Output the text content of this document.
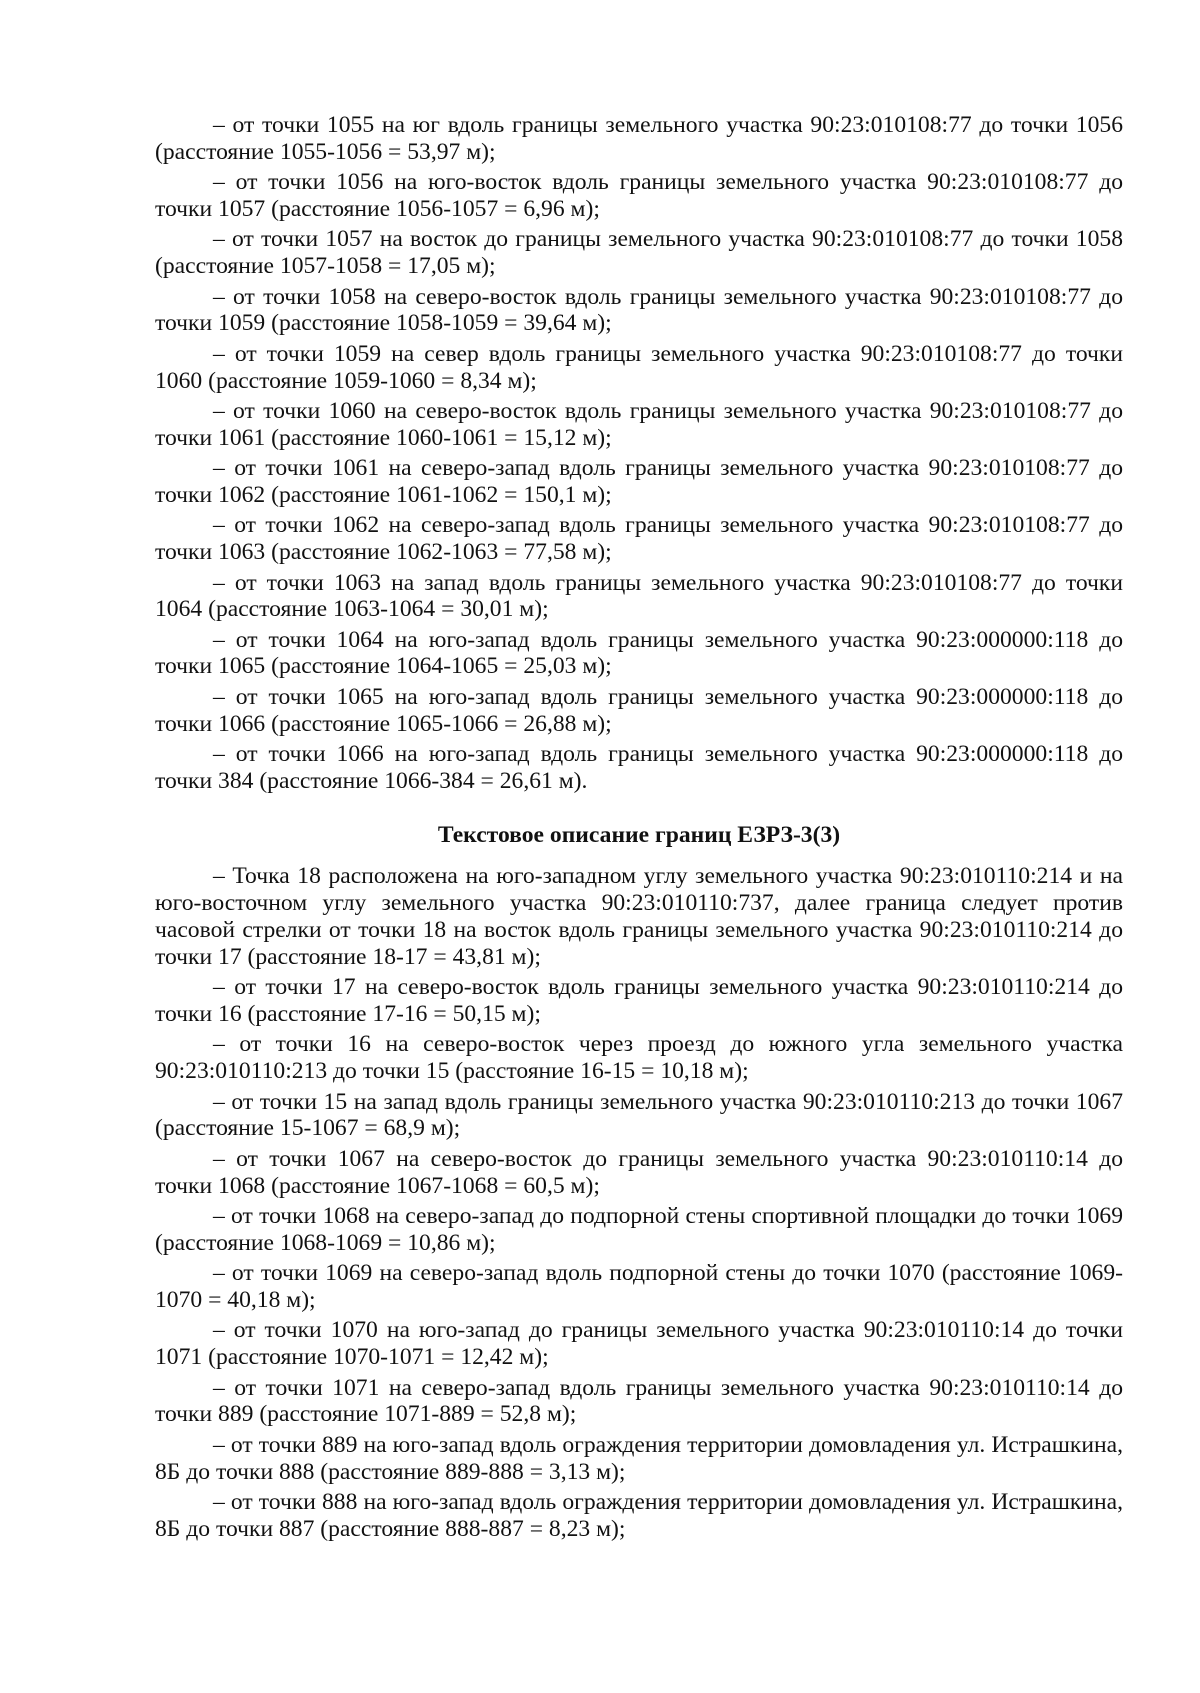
– от точки 1055 на юг вдоль границы земельного участка 90:23:010108:77 до точки 1056 (расстояние 1055-1056 = 53,97 м);

– от точки 1056 на юго-восток вдоль границы земельного участка 90:23:010108:77 до точки 1057 (расстояние 1056-1057 = 6,96 м);

– от точки 1057 на восток до границы земельного участка 90:23:010108:77 до точки 1058 (расстояние 1057-1058 = 17,05 м);

– от точки 1058 на северо-восток вдоль границы земельного участка 90:23:010108:77 до точки 1059 (расстояние 1058-1059 = 39,64 м);

– от точки 1059 на север вдоль границы земельного участка 90:23:010108:77 до точки 1060 (расстояние 1059-1060 = 8,34 м);

– от точки 1060 на северо-восток вдоль границы земельного участка 90:23:010108:77 до точки 1061 (расстояние 1060-1061 = 15,12 м);

– от точки 1061 на северо-запад вдоль границы земельного участка 90:23:010108:77 до точки 1062 (расстояние 1061-1062 = 150,1 м);

– от точки 1062 на северо-запад вдоль границы земельного участка 90:23:010108:77 до точки 1063 (расстояние 1062-1063 = 77,58 м);

– от точки 1063 на запад вдоль границы земельного участка 90:23:010108:77 до точки 1064 (расстояние 1063-1064 = 30,01 м);

– от точки 1064 на юго-запад вдоль границы земельного участка 90:23:000000:118 до точки 1065 (расстояние 1064-1065 = 25,03 м);

– от точки 1065 на юго-запад вдоль границы земельного участка 90:23:000000:118 до точки 1066 (расстояние 1065-1066 = 26,88 м);

– от точки 1066 на юго-запад вдоль границы земельного участка 90:23:000000:118 до точки 384 (расстояние 1066-384 = 26,61 м).

Текстовое описание границ ЕЗРЗ-3(3)

– Точка 18 расположена на юго-западном углу земельного участка 90:23:010110:214 и на юго-восточном углу земельного участка 90:23:010110:737, далее граница следует против часовой стрелки от точки 18 на восток вдоль границы земельного участка 90:23:010110:214 до точки 17 (расстояние 18-17 = 43,81 м);

– от точки 17 на северо-восток вдоль границы земельного участка 90:23:010110:214 до точки 16 (расстояние 17-16 = 50,15 м);

– от точки 16 на северо-восток через проезд до южного угла земельного участка 90:23:010110:213 до точки 15 (расстояние 16-15 = 10,18 м);

– от точки 15 на запад вдоль границы земельного участка 90:23:010110:213 до точки 1067 (расстояние 15-1067 = 68,9 м);

– от точки 1067 на северо-восток до границы земельного участка 90:23:010110:14 до точки 1068 (расстояние 1067-1068 = 60,5 м);

– от точки 1068 на северо-запад до подпорной стены спортивной площадки до точки 1069 (расстояние 1068-1069 = 10,86 м);

– от точки 1069 на северо-запад вдоль подпорной стены до точки 1070 (расстояние 1069-1070 = 40,18 м);

– от точки 1070 на юго-запад до границы земельного участка 90:23:010110:14 до точки 1071 (расстояние 1070-1071 = 12,42 м);

– от точки 1071 на северо-запад вдоль границы земельного участка 90:23:010110:14 до точки 889 (расстояние 1071-889 = 52,8 м);

– от точки 889 на юго-запад вдоль ограждения территории домовладения ул. Истрашкина, 8Б до точки 888 (расстояние 889-888 = 3,13 м);

– от точки 888 на юго-запад вдоль ограждения территории домовладения ул. Истрашкина, 8Б до точки 887 (расстояние 888-887 = 8,23 м);
